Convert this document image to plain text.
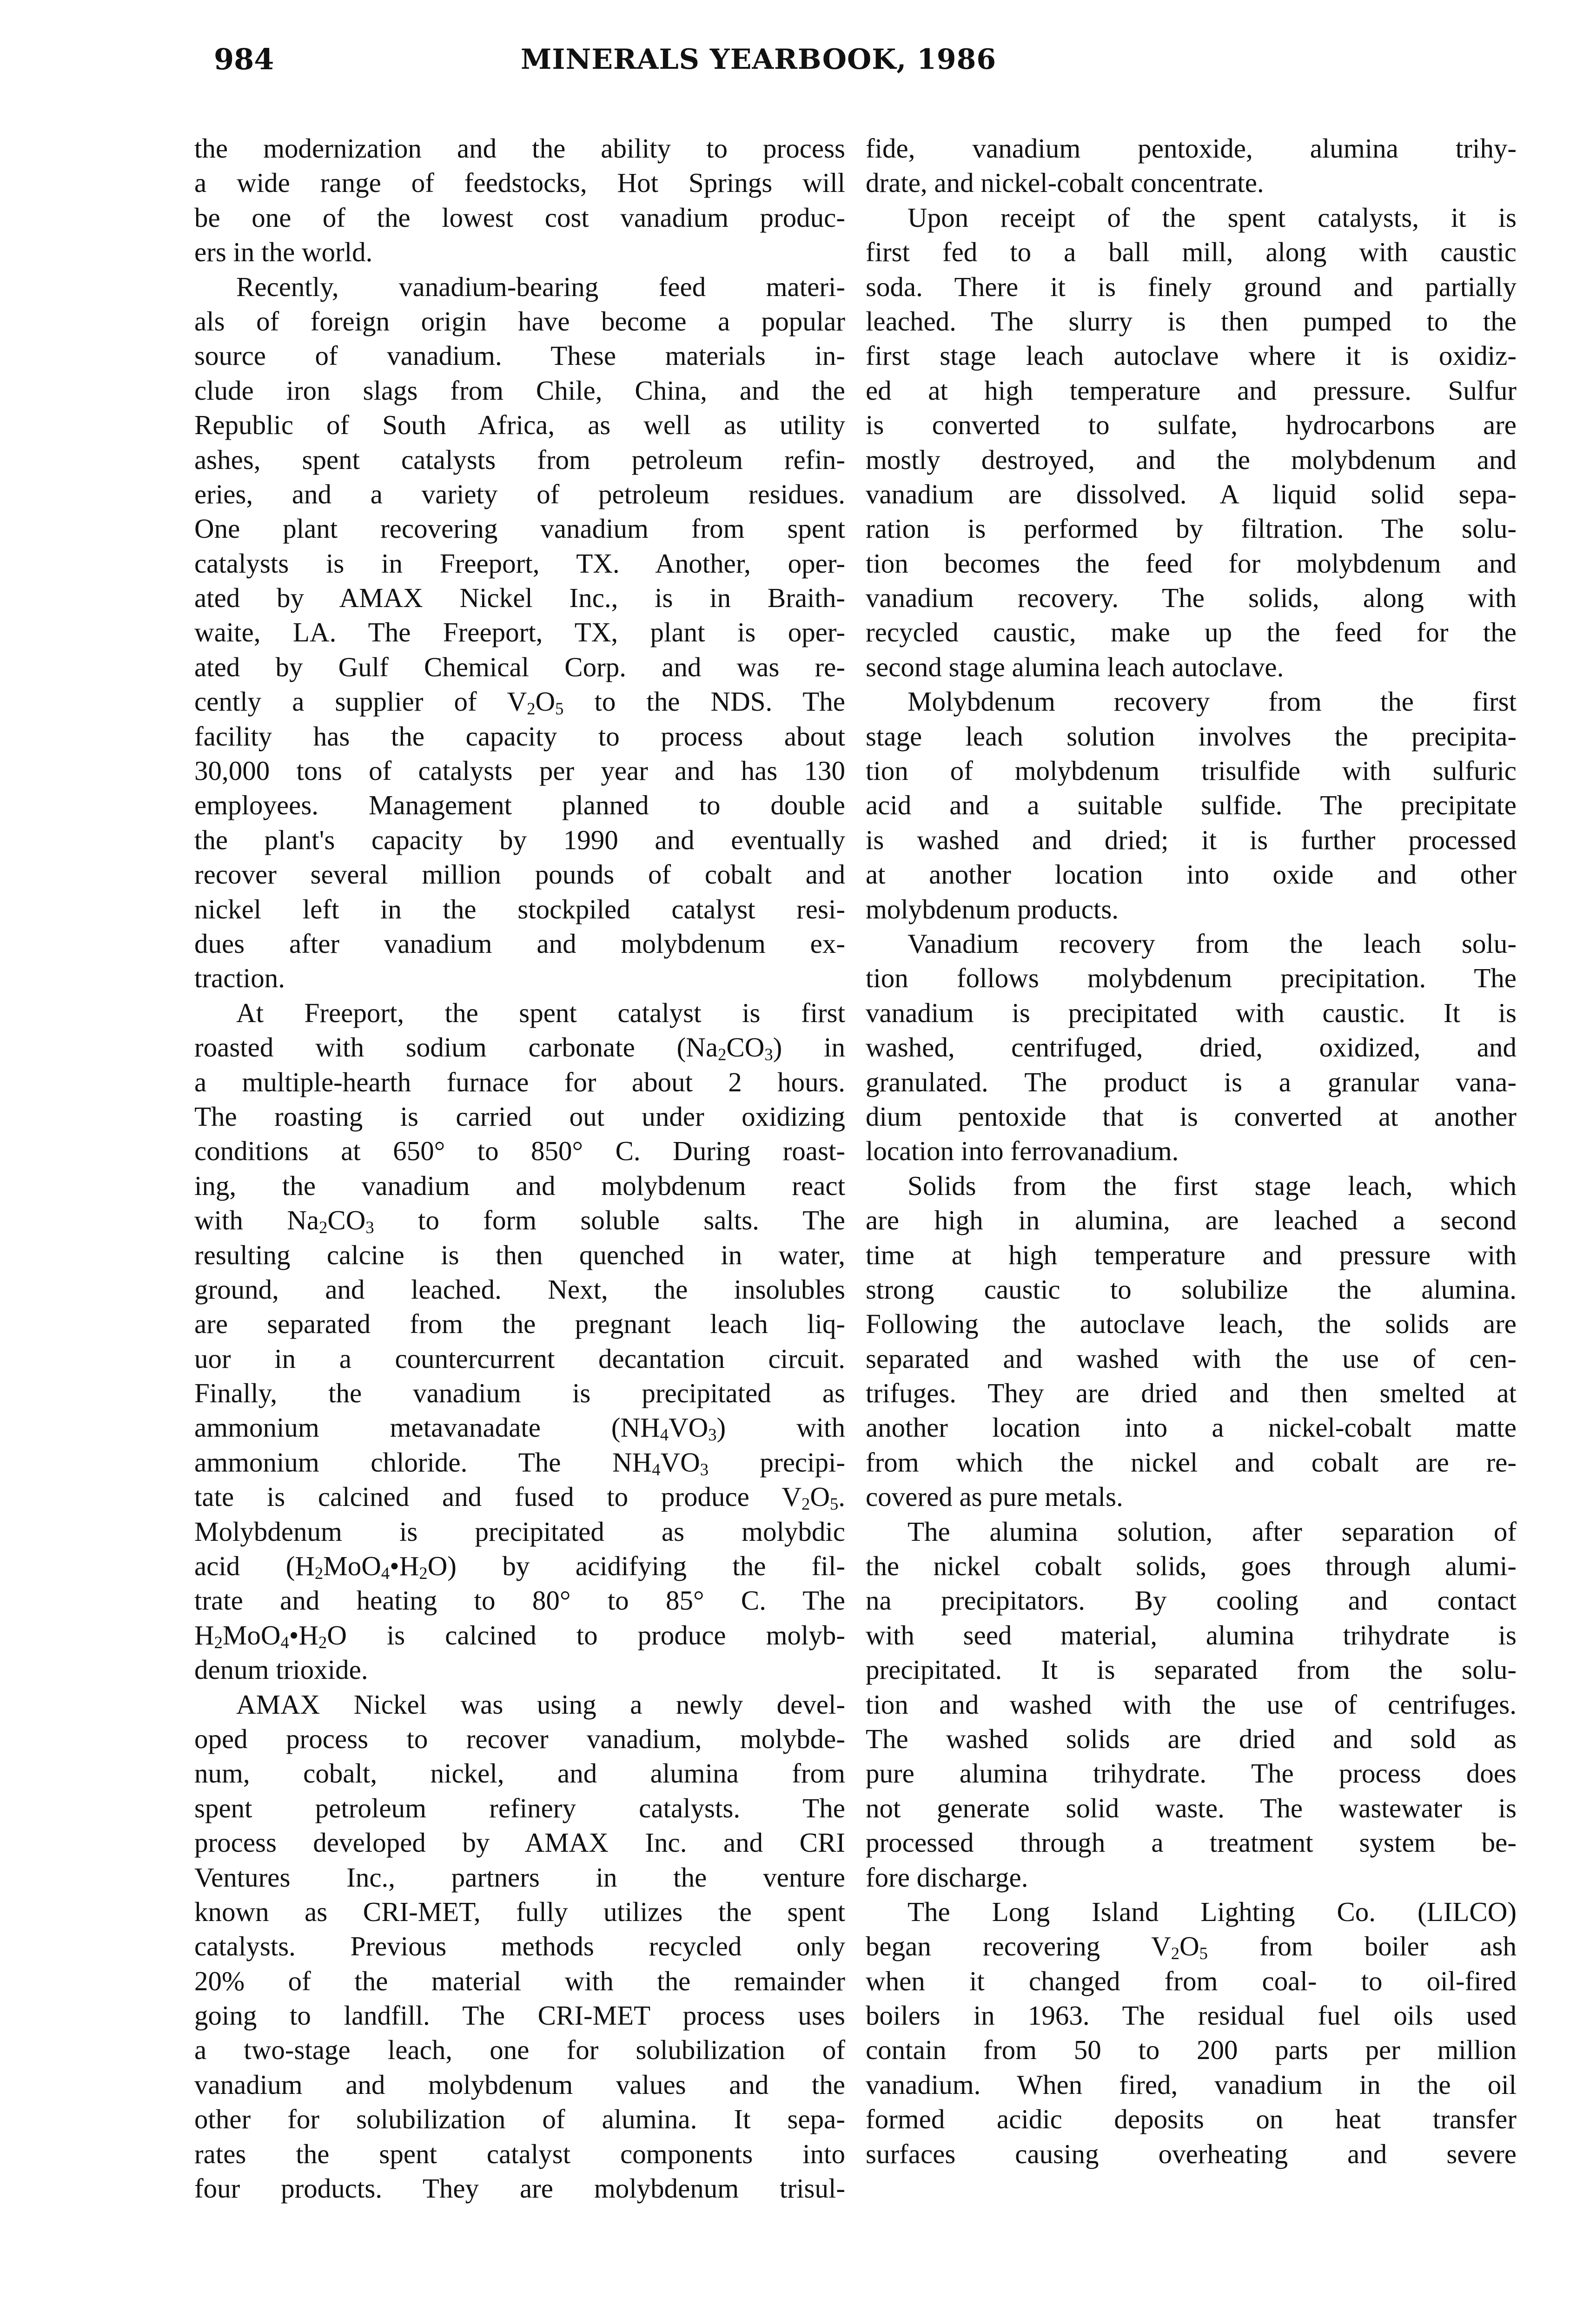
984	MINERALS YEARBOOK, 1986
the modernization and the ability to process
a wide range of feedstocks, Hot Springs will
be one of the lowest cost vanadium produc-
ers in the world.
Recently, vanadium-bearing feed materi-
als of foreign origin have become a popular
source of vanadium. These materials in-
clude iron slags from Chile, China, and the
Republic of South Africa, as well as utility
ashes, spent catalysts from petroleum refin-
eries, and a variety of petroleum residues.
One plant recovering vanadium from spent
catalysts is in Freeport, TX. Another, oper-
ated by AMAX Nickel Inc., is in Braith-
waite, LA. The Freeport, TX, plant is oper-
ated by Gulf Chemical Corp. and was re-
cently a supplier of $V_2O_5$ to the NDS. The
facility has the capacity to process about
30,000 tons of catalysts per year and has 130
employees. Management planned to double
the plant's capacity by 1990 and eventually
recover several million pounds of cobalt and
nickel left in the stockpiled catalyst resi-
dues after vanadium and molybdenum ex-
traction.
At Freeport, the spent catalyst is first
roasted with sodium carbonate $(Na_2CO_3)$ in
a multiple-hearth furnace for about 2 hours.
The roasting is carried out under oxidizing
conditions at 650° to 850° C. During roast-
ing, the vanadium and molybdenum react
with $Na_2CO_3$ to form soluble salts. The
resulting calcine is then quenched in water,
ground, and leached. Next, the insolubles
are separated from the pregnant leach liq-
uor in a countercurrent decantation circuit.
Finally, the vanadium is precipitated as
ammonium metavanadate $(NH_4VO_3)$ with
ammonium chloride. The $NH_4VO_3$ precipi-
tate is calcined and fused to produce $V_2O_5$.
Molybdenum is precipitated as molybdic
acid $(H_2MoO_4•H_2O)$ by acidifying the fil-
trate and heating to 80° to 85° C. The
$H_2MoO_4•H_2O$ is calcined to produce molyb-
denum trioxide.
AMAX Nickel was using a newly devel-
oped process to recover vanadium, molybde-
num, cobalt, nickel, and alumina from
spent petroleum refinery catalysts. The
process developed by AMAX Inc. and CRI
Ventures Inc., partners in the venture
known as CRI-MET, fully utilizes the spent
catalysts. Previous methods recycled only
20% of the material with the remainder
going to landfill. The CRI-MET process uses
a two-stage leach, one for solubilization of
vanadium and molybdenum values and the
other for solubilization of alumina. It sepa-
rates the spent catalyst components into
four products. They are molybdenum trisul-
fide, vanadium pentoxide, alumina trihy-
drate, and nickel-cobalt concentrate.
Upon receipt of the spent catalysts, it is
first fed to a ball mill, along with caustic
soda. There it is finely ground and partially
leached. The slurry is then pumped to the
first stage leach autoclave where it is oxidiz-
ed at high temperature and pressure. Sulfur
is converted to sulfate, hydrocarbons are
mostly destroyed, and the molybdenum and
vanadium are dissolved. A liquid solid sepa-
ration is performed by filtration. The solu-
tion becomes the feed for molybdenum and
vanadium recovery. The solids, along with
recycled caustic, make up the feed for the
second stage alumina leach autoclave.
Molybdenum recovery from the first
stage leach solution involves the precipita-
tion of molybdenum trisulfide with sulfuric
acid and a suitable sulfide. The precipitate
is washed and dried; it is further processed
at another location into oxide and other
molybdenum products.
Vanadium recovery from the leach solu-
tion follows molybdenum precipitation. The
vanadium is precipitated with caustic. It is
washed, centrifuged, dried, oxidized, and
granulated. The product is a granular vana-
dium pentoxide that is converted at another
location into ferrovanadium.
Solids from the first stage leach, which
are high in alumina, are leached a second
time at high temperature and pressure with
strong caustic to solubilize the alumina.
Following the autoclave leach, the solids are
separated and washed with the use of cen-
trifuges. They are dried and then smelted at
another location into a nickel-cobalt matte
from which the nickel and cobalt are re-
covered as pure metals.
The alumina solution, after separation of
the nickel cobalt solids, goes through alumi-
na precipitators. By cooling and contact
with seed material, alumina trihydrate is
precipitated. It is separated from the solu-
tion and washed with the use of centrifuges.
The washed solids are dried and sold as
pure alumina trihydrate. The process does
not generate solid waste. The wastewater is
processed through a treatment system be-
fore discharge.
The Long Island Lighting Co. (LILCO)
began recovering $V_2O_5$ from boiler ash
when it changed from coal- to oil-fired
boilers in 1963. The residual fuel oils used
contain from 50 to 200 parts per million
vanadium. When fired, vanadium in the oil
formed acidic deposits on heat transfer
surfaces causing overheating and severe
